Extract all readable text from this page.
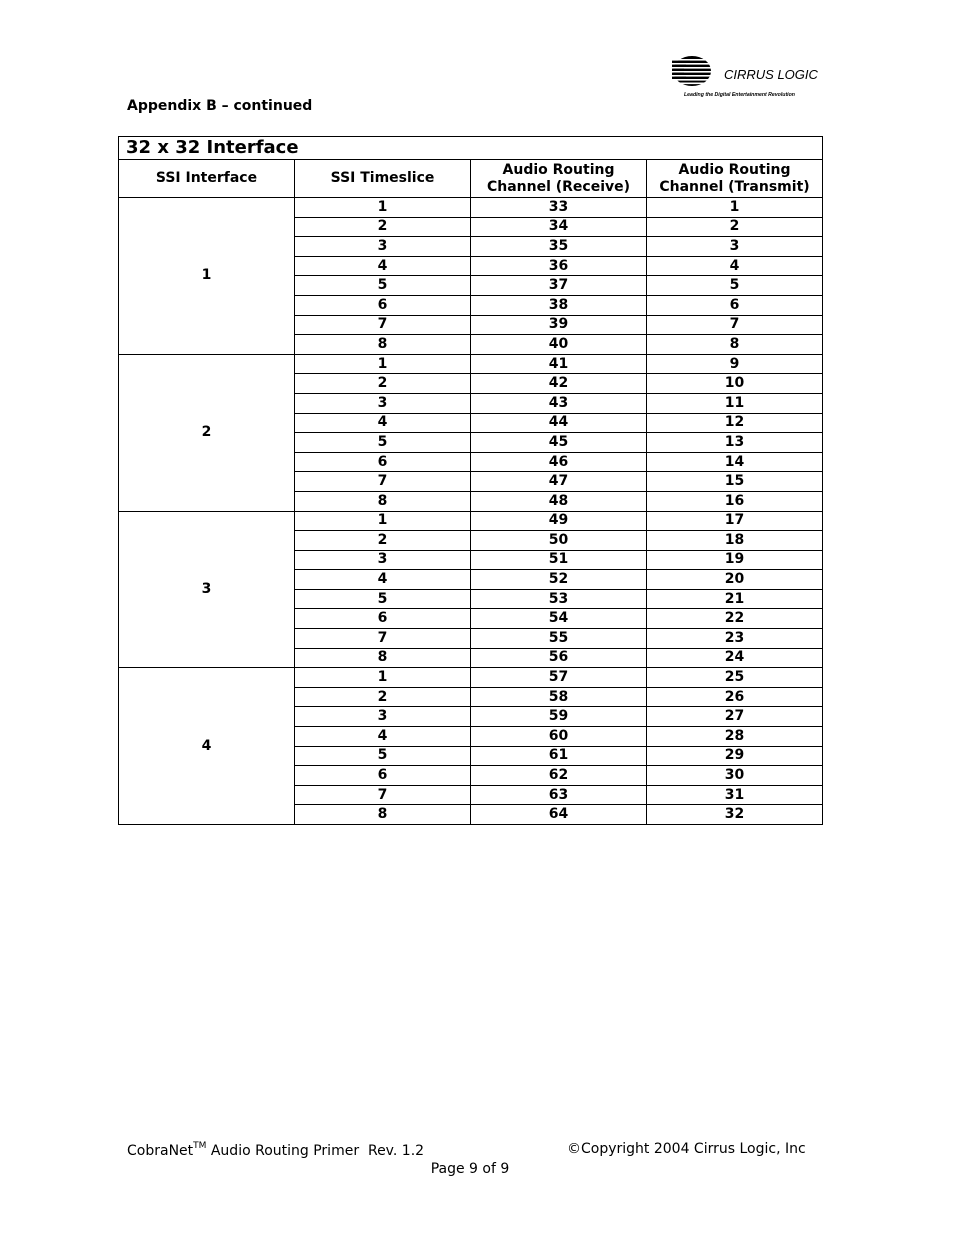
CIRRUS LOGIC
Leading the Digital Entertainment Revolution
Appendix B – continued
32 x 32 Interface			
SSI Interface	SSI Timeslice	Audio Routing Channel (Receive)	Audio Routing Channel (Transmit)
1	1	33	1
	2	34	2
	3	35	3
	4	36	4
	5	37	5
	6	38	6
	7	39	7
	8	40	8
2	1	41	9
	2	42	10
	3	43	11
	4	44	12
	5	45	13
	6	46	14
	7	47	15
	8	48	16
3	1	49	17
	2	50	18
	3	51	19
	4	52	20
	5	53	21
	6	54	22
	7	55	23
	8	56	24
4	1	57	25
	2	58	26
	3	59	27
	4	60	28
	5	61	29
	6	62	30
	7	63	31
	8	64	32
CobraNet™ Audio Routing Primer  Rev. 1.2	©Copyright 2004 Cirrus Logic, Inc
Page 9 of 9
